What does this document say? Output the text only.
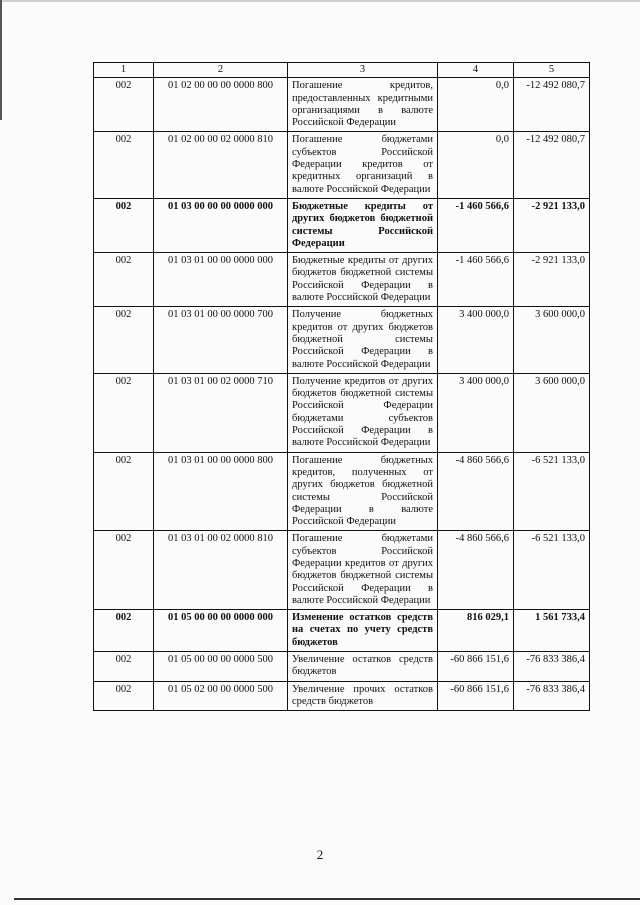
1	2	3	4	5
002	01 02 00 00 00 0000 800	Погашение кредитов, предоставленных кредитными организациями в валюте Российской Федерации	0,0	-12 492 080,7
002	01 02 00 00 02 0000 810	Погашение бюджетами субъектов Российской Федерации кредитов от кредитных организаций в валюте Российской Федерации	0,0	-12 492 080,7
002	01 03 00 00 00 0000 000	Бюджетные кредиты от других бюджетов бюджетной системы Российской Федерации	-1 460 566,6	-2 921 133,0
002	01 03 01 00 00 0000 000	Бюджетные кредиты от других бюджетов бюджетной системы Российской Федерации в валюте Российской Федерации	-1 460 566,6	-2 921 133,0
002	01 03 01 00 00 0000 700	Получение бюджетных кредитов от других бюджетов бюджетной системы Российской Федерации в валюте Российской Федерации	3 400 000,0	3 600 000,0
002	01 03 01 00 02 0000 710	Получение кредитов от других бюджетов бюджетной системы Российской Федерации бюджетами субъектов Российской Федерации в валюте Российской Федерации	3 400 000,0	3 600 000,0
002	01 03 01 00 00 0000 800	Погашение бюджетных кредитов, полученных от других бюджетов бюджетной системы Российской Федерации в валюте Российской Федерации	-4 860 566,6	-6 521 133,0
002	01 03 01 00 02 0000 810	Погашение бюджетами субъектов Российской Федерации кредитов от других бюджетов бюджетной системы Российской Федерации в валюте Российской Федерации	-4 860 566,6	-6 521 133,0
002	01 05 00 00 00 0000 000	Изменение остатков средств на счетах по учету средств бюджетов	816 029,1	1 561 733,4
002	01 05 00 00 00 0000 500	Увеличение остатков средств бюджетов	-60 866 151,6	-76 833 386,4
002	01 05 02 00 00 0000 500	Увеличение прочих остатков средств бюджетов	-60 866 151,6	-76 833 386,4
2
